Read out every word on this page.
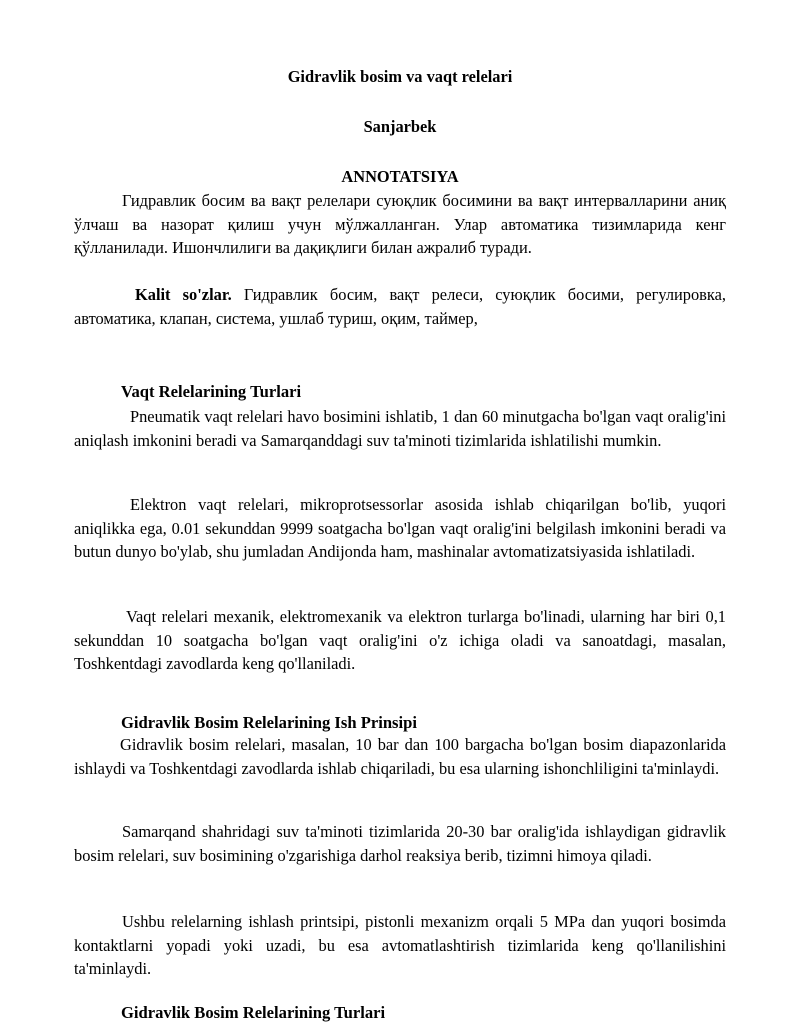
Gidravlik bosim va vaqt relelari

Sanjarbek

ANNOTATSIYA

Гидравлик босим ва вақт релелари суюқлик босимини ва вақт интервалларини аниқ ўлчаш ва назорат қилиш учун мўлжалланган. Улар автоматика тизимларида кенг қўлланилади. Ишончлилиги ва дақиқлиги билан ажралиб туради.

Kalit so'zlar. Гидравлик босим, вақт релеси, суюқлик босими, регулировка, автоматика, клапан, система, ушлаб туриш, оқим, таймер,

Vaqt Relelarining Turlari

Pneumatik vaqt relelari havo bosimini ishlatib, 1 dan 60 minutgacha bo'lgan vaqt oralig'ini aniqlash imkonini beradi va Samarqanddagi suv ta'minoti tizimlarida ishlatilishi mumkin.

Elektron vaqt relelari, mikroprotsessorlar asosida ishlab chiqarilgan bo'lib, yuqori aniqlikka ega, 0.01 sekunddan 9999 soatgacha bo'lgan vaqt oralig'ini belgilash imkonini beradi va butun dunyo bo'ylab, shu jumladan Andijonda ham, mashinalar avtomatizatsiyasida ishlatiladi.

Vaqt relelari mexanik, elektromexanik va elektron turlarga bo'linadi, ularning har biri 0,1 sekunddan 10 soatgacha bo'lgan vaqt oralig'ini o'z ichiga oladi va sanoatdagi, masalan, Toshkentdagi zavodlarda keng qo'llaniladi.

Gidravlik Bosim Relelarining Ish Prinsipi

Gidravlik bosim relelari, masalan, 10 bar dan 100 bargacha bo'lgan bosim diapazonlarida ishlaydi va Toshkentdagi zavodlarda ishlab chiqariladi, bu esa ularning ishonchliligini ta'minlaydi.

Samarqand shahridagi suv ta'minoti tizimlarida 20-30 bar oralig'ida ishlaydigan gidravlik bosim relelari, suv bosimining o'zgarishiga darhol reaksiya berib, tizimni himoya qiladi.

Ushbu relelarning ishlash printsipi, pistonli mexanizm orqali 5 MPa dan yuqori bosimda kontaktlarni yopadi yoki uzadi, bu esa avtomatlashtirish tizimlarida keng qo'llanilishini ta'minlaydi.

Gidravlik Bosim Relelarining Turlari
